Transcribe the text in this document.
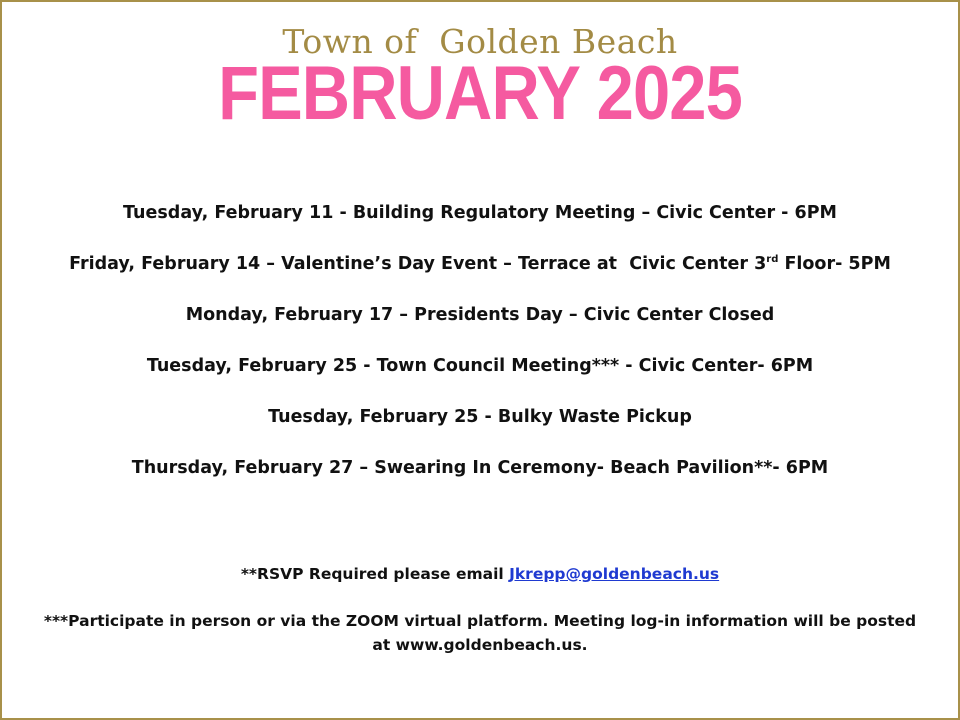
Town of  Golden Beach
FEBRUARY 2025
Tuesday, February 11 - Building Regulatory Meeting – Civic Center - 6PM
Friday, February 14 – Valentine’s Day Event – Terrace at  Civic Center 3rd Floor- 5PM
Monday, February 17 – Presidents Day – Civic Center Closed
Tuesday, February 25 - Town Council Meeting*** - Civic Center- 6PM
Tuesday, February 25 - Bulky Waste Pickup
Thursday, February 27 – Swearing In Ceremony- Beach Pavilion**- 6PM
**RSVP Required please email Jkrepp@goldenbeach.us
***Participate in person or via the ZOOM virtual platform. Meeting log-in information will be posted at www.goldenbeach.us.
